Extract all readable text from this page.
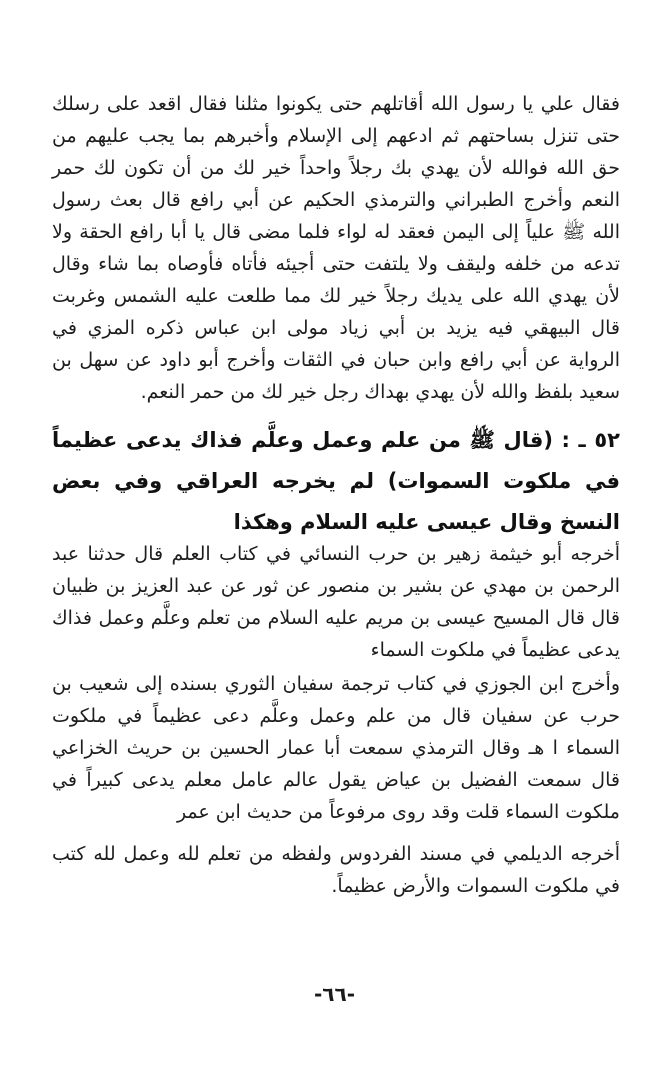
فقال علي يا رسول الله أقاتلهم حتى يكونوا مثلنا فقال اقعد على رسلك حتى تنزل بساحتهم ثم ادعهم إلى الإسلام وأخبرهم بما يجب عليهم من حق الله فوالله لأن يهدي بك رجلاً واحداً خير لك من أن تكون لك حمر النعم وأخرج الطبراني والترمذي الحكيم عن أبي رافع قال بعث رسول الله ﷺ علياً إلى اليمن فعقد له لواء فلما مضى قال يا أبا رافع الحقة ولا تدعه من خلفه وليقف ولا يلتفت حتى أجيئه فأتاه فأوصاه بما شاء وقال لأن يهدي الله على يديك رجلاً خير لك مما طلعت عليه الشمس وغربت قال البيهقي فيه يزيد بن أبي زياد مولى ابن عباس ذكره المزي في الرواية عن أبي رافع وابن حبان في الثقات وأخرج أبو داود عن سهل بن سعيد بلفظ والله لأن يهدي بهداك رجل خير لك من حمر النعم.

٥٢ ـ : (قال ﷺ من علم وعمل وعلَّم فذاك يدعى عظيماً في ملكوت السموات) لم يخرجه العراقي وفي بعض النسخ وقال عيسى عليه السلام وهكذا

أخرجه أبو خيثمة زهير بن حرب النسائي في كتاب العلم قال حدثنا عبد الرحمن بن مهدي عن بشير بن منصور عن ثور عن عبد العزيز بن ظبيان قال قال المسيح عيسى بن مريم عليه السلام من تعلم وعلَّم وعمل فذاك يدعى عظيماً في ملكوت السماء

وأخرج ابن الجوزي في كتاب ترجمة سفيان الثوري بسنده إلى شعيب بن حرب عن سفيان قال من علم وعمل وعلَّم دعى عظيماً في ملكوت السماء ا هـ وقال الترمذي سمعت أبا عمار الحسين بن حريث الخزاعي قال سمعت الفضيل بن عياض يقول عالم عامل معلم يدعى كبيراً في ملكوت السماء قلت وقد روى مرفوعاً من حديث ابن عمر

أخرجه الديلمي في مسند الفردوس ولفظه من تعلم لله وعمل لله كتب في ملكوت السموات والأرض عظيماً.

-٦٦-
